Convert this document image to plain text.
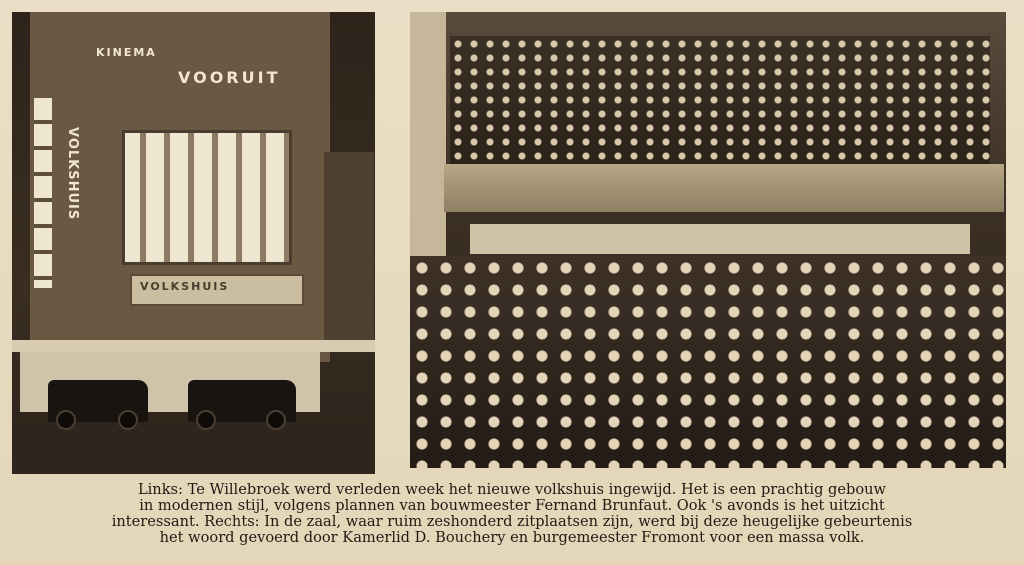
VOLKSHUIS
KINEMA
VOORUIT
VOLKSHUIS
Links: Te Willebroek werd verleden week het nieuwe volkshuis ingewijd. Het is een prachtig gebouw
in modernen stijl, volgens plannen van bouwmeester Fernand Brunfaut. Ook 's avonds is het uitzicht
interessant. Rechts: In de zaal, waar ruim zeshonderd zitplaatsen zijn, werd bij deze heugelijke gebeurtenis
het woord gevoerd door Kamerlid D. Bouchery en burgemeester Fromont voor een massa volk.
